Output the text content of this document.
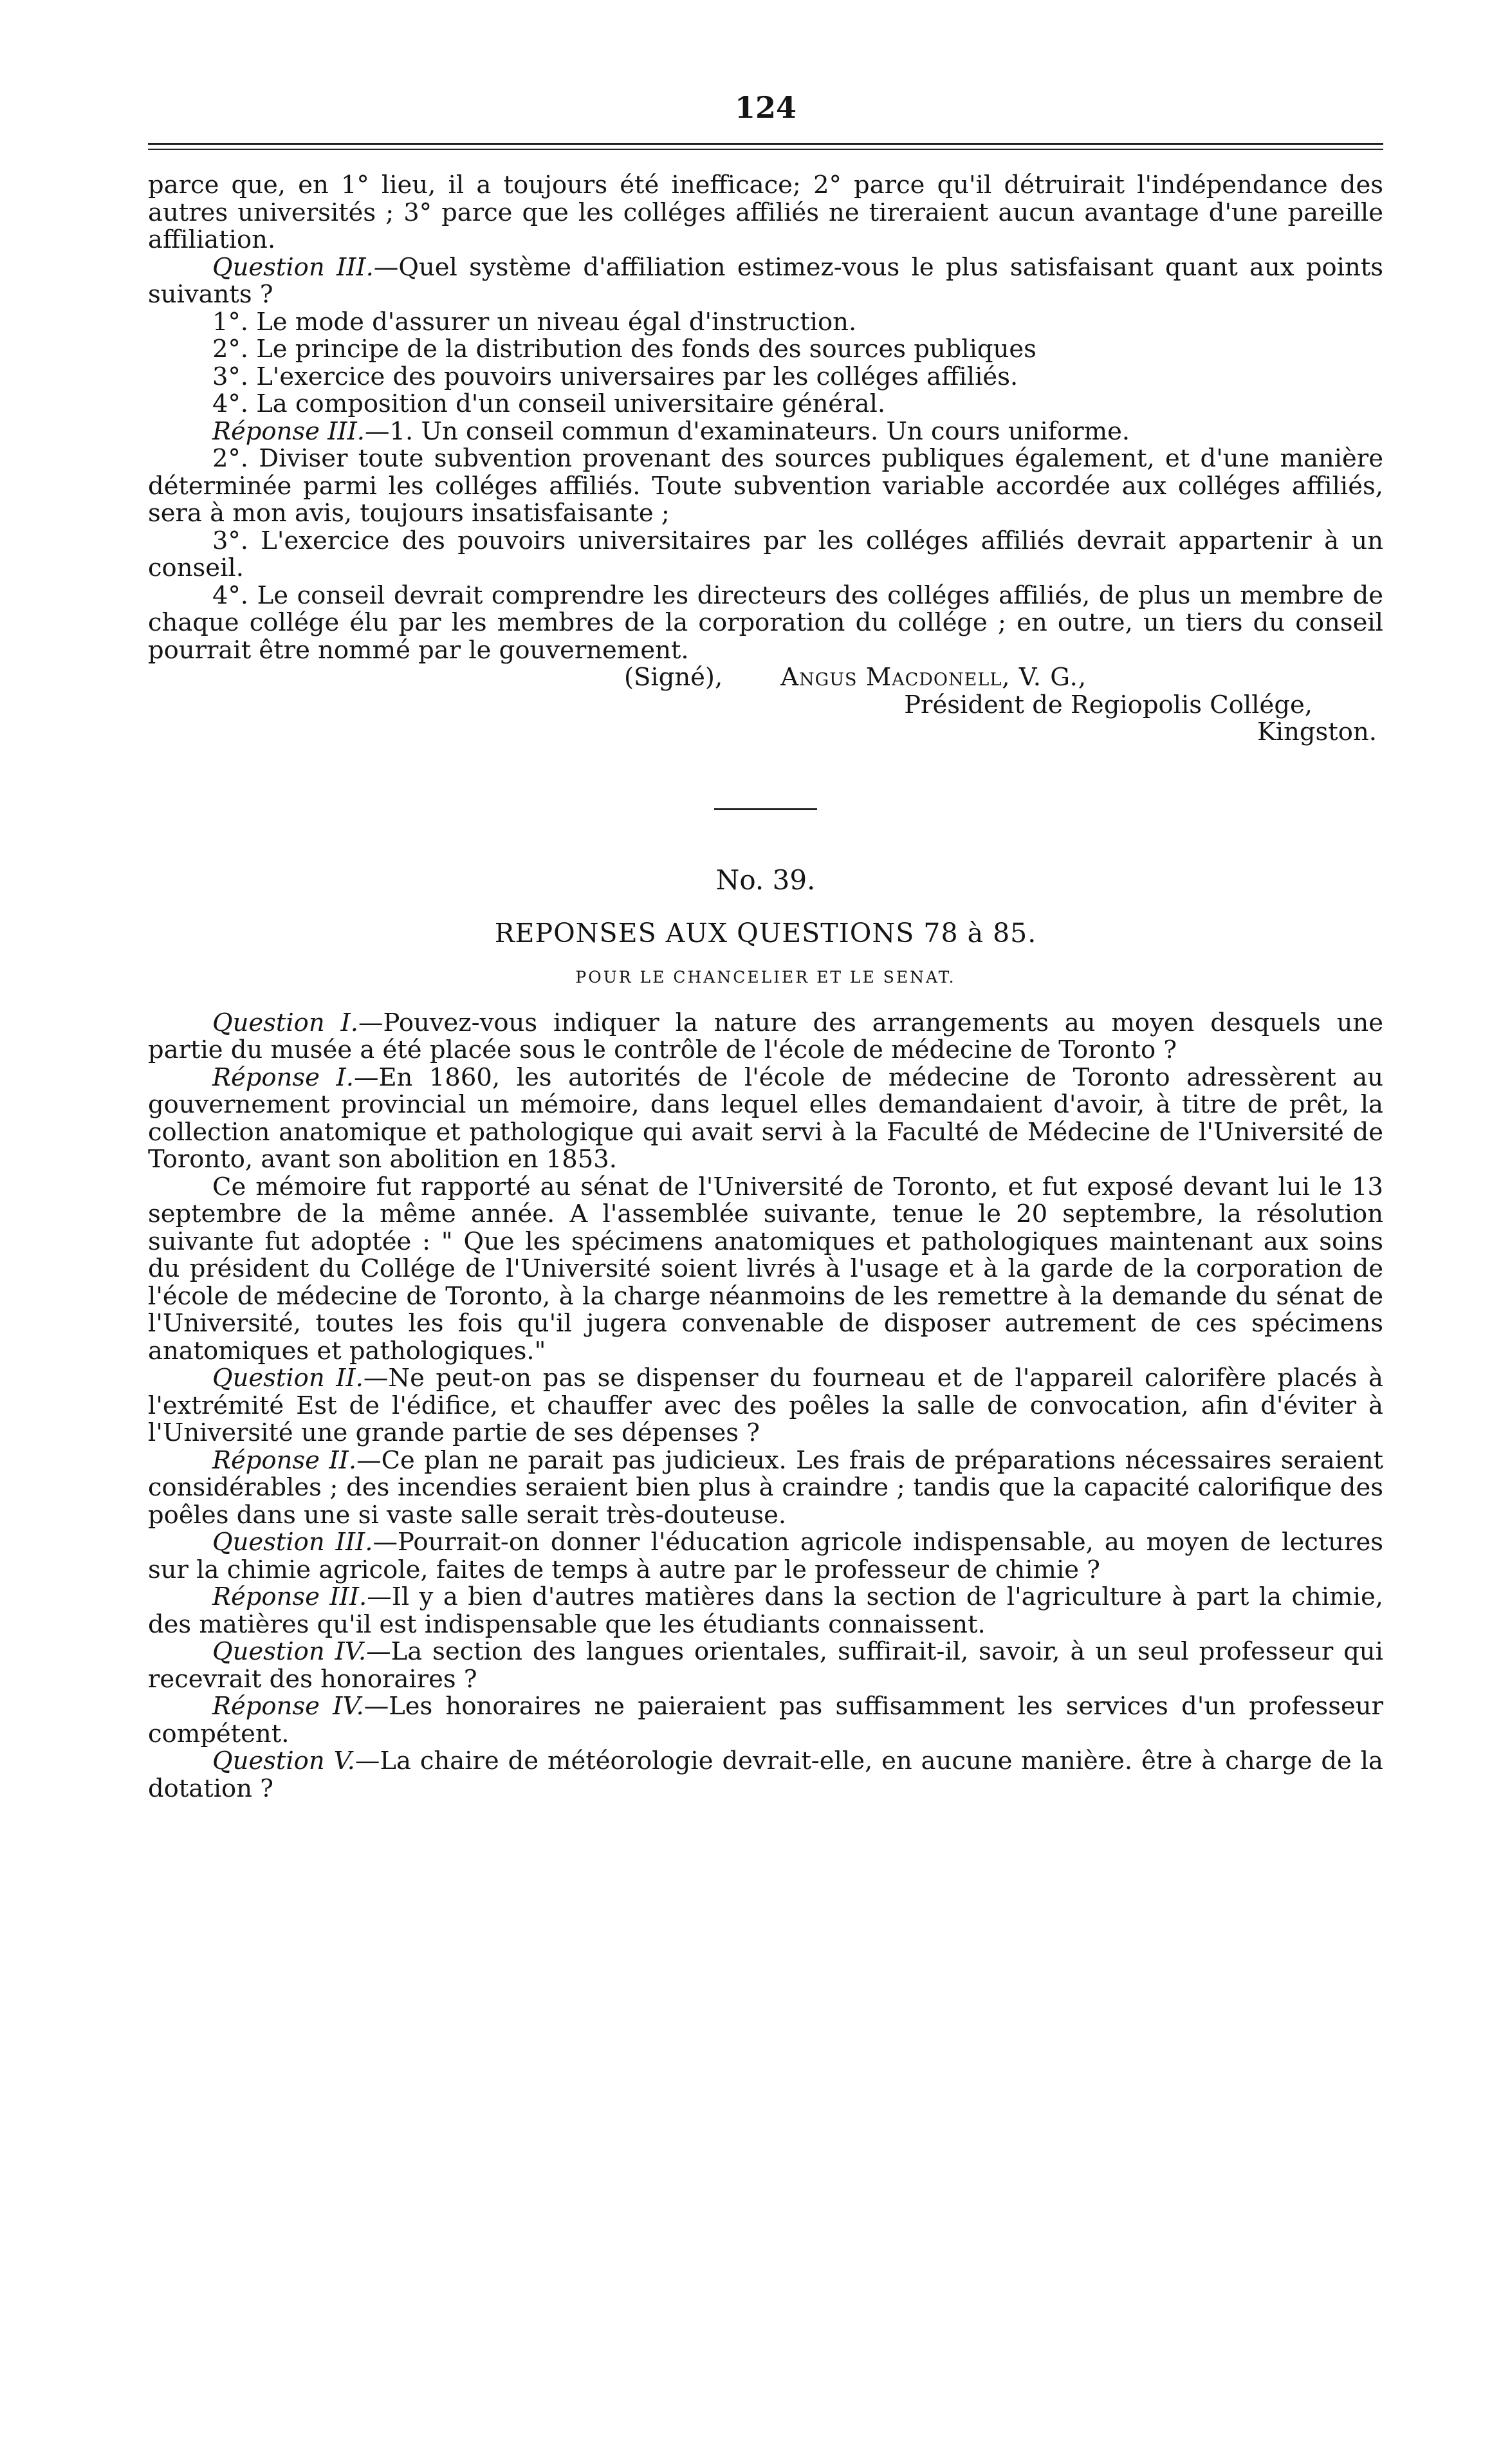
124

parce que, en 1° lieu, il a toujours été inefficace; 2° parce qu'il détruirait l'indépendance des autres universités ; 3° parce que les colléges affiliés ne tireraient aucun avantage d'une pareille affiliation.

Question III.—Quel système d'affiliation estimez-vous le plus satisfaisant quant aux points suivants ?

1°. Le mode d'assurer un niveau égal d'instruction.

2°. Le principe de la distribution des fonds des sources publiques

3°. L'exercice des pouvoirs universaires par les colléges affiliés.

4°. La composition d'un conseil universitaire général.

Réponse III.—1. Un conseil commun d'examinateurs. Un cours uniforme.

2°. Diviser toute subvention provenant des sources publiques également, et d'une manière déterminée parmi les colléges affiliés. Toute subvention variable accordée aux colléges affiliés, sera à mon avis, toujours insatisfaisante ;

3°. L'exercice des pouvoirs universitaires par les colléges affiliés devrait appartenir à un conseil.

4°. Le conseil devrait comprendre les directeurs des colléges affiliés, de plus un membre de chaque collége élu par les membres de la corporation du collége ; en outre, un tiers du conseil pourrait être nommé par le gouvernement.

(Signé), Angus Macdonell, V. G.,
Président de Regiopolis Collége,
Kingston.
No. 39.
REPONSES AUX QUESTIONS 78 à 85.
POUR LE CHANCELIER ET LE SENAT.

Question I.—Pouvez-vous indiquer la nature des arrangements au moyen desquels une partie du musée a été placée sous le contrôle de l'école de médecine de Toronto ?

Réponse I.—En 1860, les autorités de l'école de médecine de Toronto adressèrent au gouvernement provincial un mémoire, dans lequel elles demandaient d'avoir, à titre de prêt, la collection anatomique et pathologique qui avait servi à la Faculté de Médecine de l'Université de Toronto, avant son abolition en 1853.

Ce mémoire fut rapporté au sénat de l'Université de Toronto, et fut exposé devant lui le 13 septembre de la même année. A l'assemblée suivante, tenue le 20 septembre, la résolution suivante fut adoptée : " Que les spécimens anatomiques et pathologiques maintenant aux soins du président du Collége de l'Université soient livrés à l'usage et à la garde de la corporation de l'école de médecine de Toronto, à la charge néanmoins de les remettre à la demande du sénat de l'Université, toutes les fois qu'il jugera convenable de disposer autrement de ces spécimens anatomiques et pathologiques."

Question II.—Ne peut-on pas se dispenser du fourneau et de l'appareil calorifère placés à l'extrémité Est de l'édifice, et chauffer avec des poêles la salle de convocation, afin d'éviter à l'Université une grande partie de ses dépenses ?

Réponse II.—Ce plan ne parait pas judicieux. Les frais de préparations nécessaires seraient considérables ; des incendies seraient bien plus à craindre ; tandis que la capacité calorifique des poêles dans une si vaste salle serait très-douteuse.

Question III.—Pourrait-on donner l'éducation agricole indispensable, au moyen de lectures sur la chimie agricole, faites de temps à autre par le professeur de chimie ?

Réponse III.—Il y a bien d'autres matières dans la section de l'agriculture à part la chimie, des matières qu'il est indispensable que les étudiants connaissent.

Question IV.—La section des langues orientales, suffirait-il, savoir, à un seul professeur qui recevrait des honoraires ?

Réponse IV.—Les honoraires ne paieraient pas suffisamment les services d'un professeur compétent.

Question V.—La chaire de météorologie devrait-elle, en aucune manière. être à charge de la dotation ?
